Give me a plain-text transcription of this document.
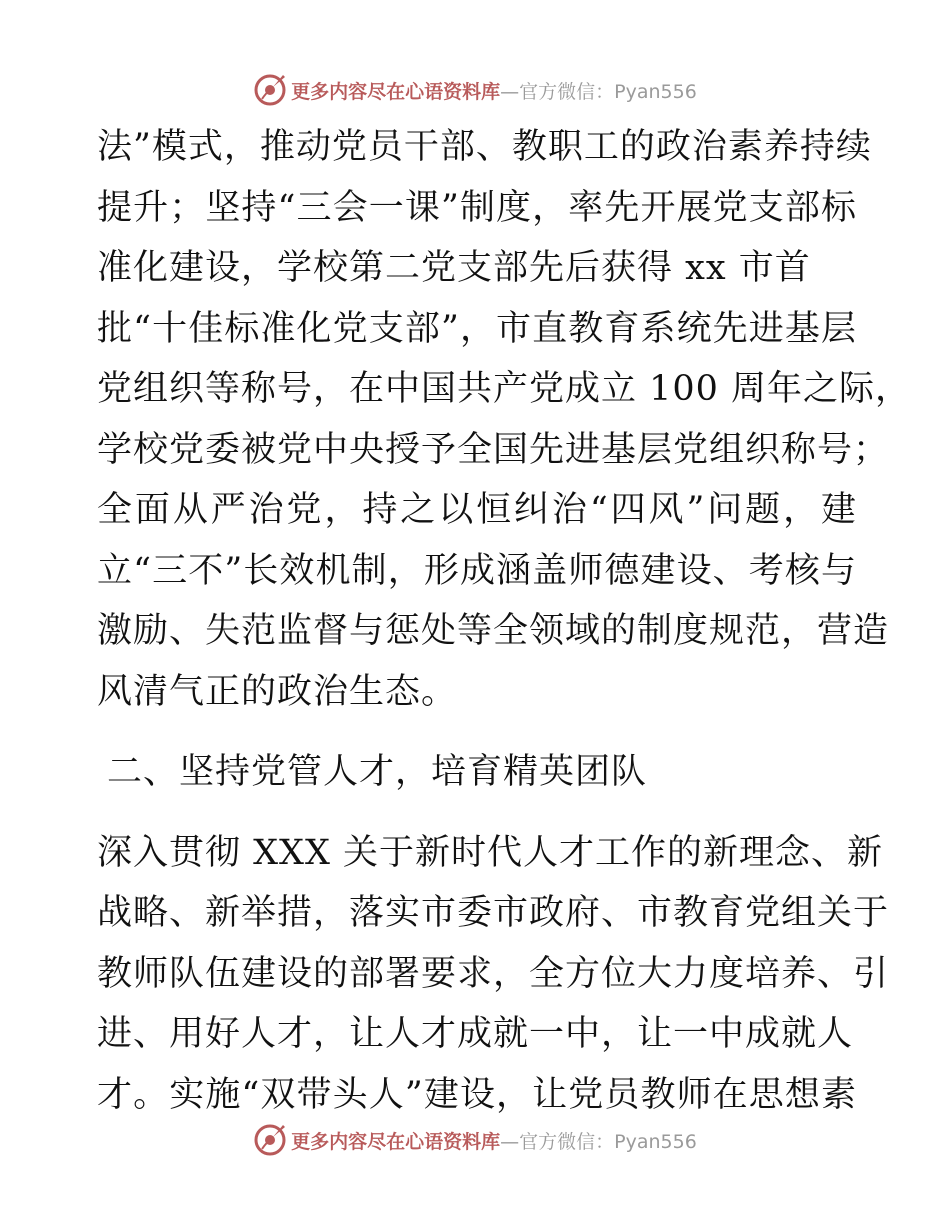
更多内容尽在心语资料库 —官方微信：Pyan556

法”模式，推动党员干部、教职工的政治素养持续
提升；坚持“三会一课”制度，率先开展党支部标
准化建设，学校第二党支部先后获得 xx 市首
批“十佳标准化党支部”，市直教育系统先进基层
党组织等称号，在中国共产党成立 100 周年之际，
学校党委被党中央授予全国先进基层党组织称号；
全面从严治党，持之以恒纠治“四风”问题，建
立“三不”长效机制，形成涵盖师德建设、考核与
激励、失范监督与惩处等全领域的制度规范，营造
风清气正的政治生态。

二、坚持党管人才，培育精英团队

深入贯彻 XXX 关于新时代人才工作的新理念、新
战略、新举措，落实市委市政府、市教育党组关于
教师队伍建设的部署要求，全方位大力度培养、引
进、用好人才，让人才成就一中，让一中成就人
才。实施“双带头人”建设，让党员教师在思想素

更多内容尽在心语资料库 —官方微信：Pyan556
